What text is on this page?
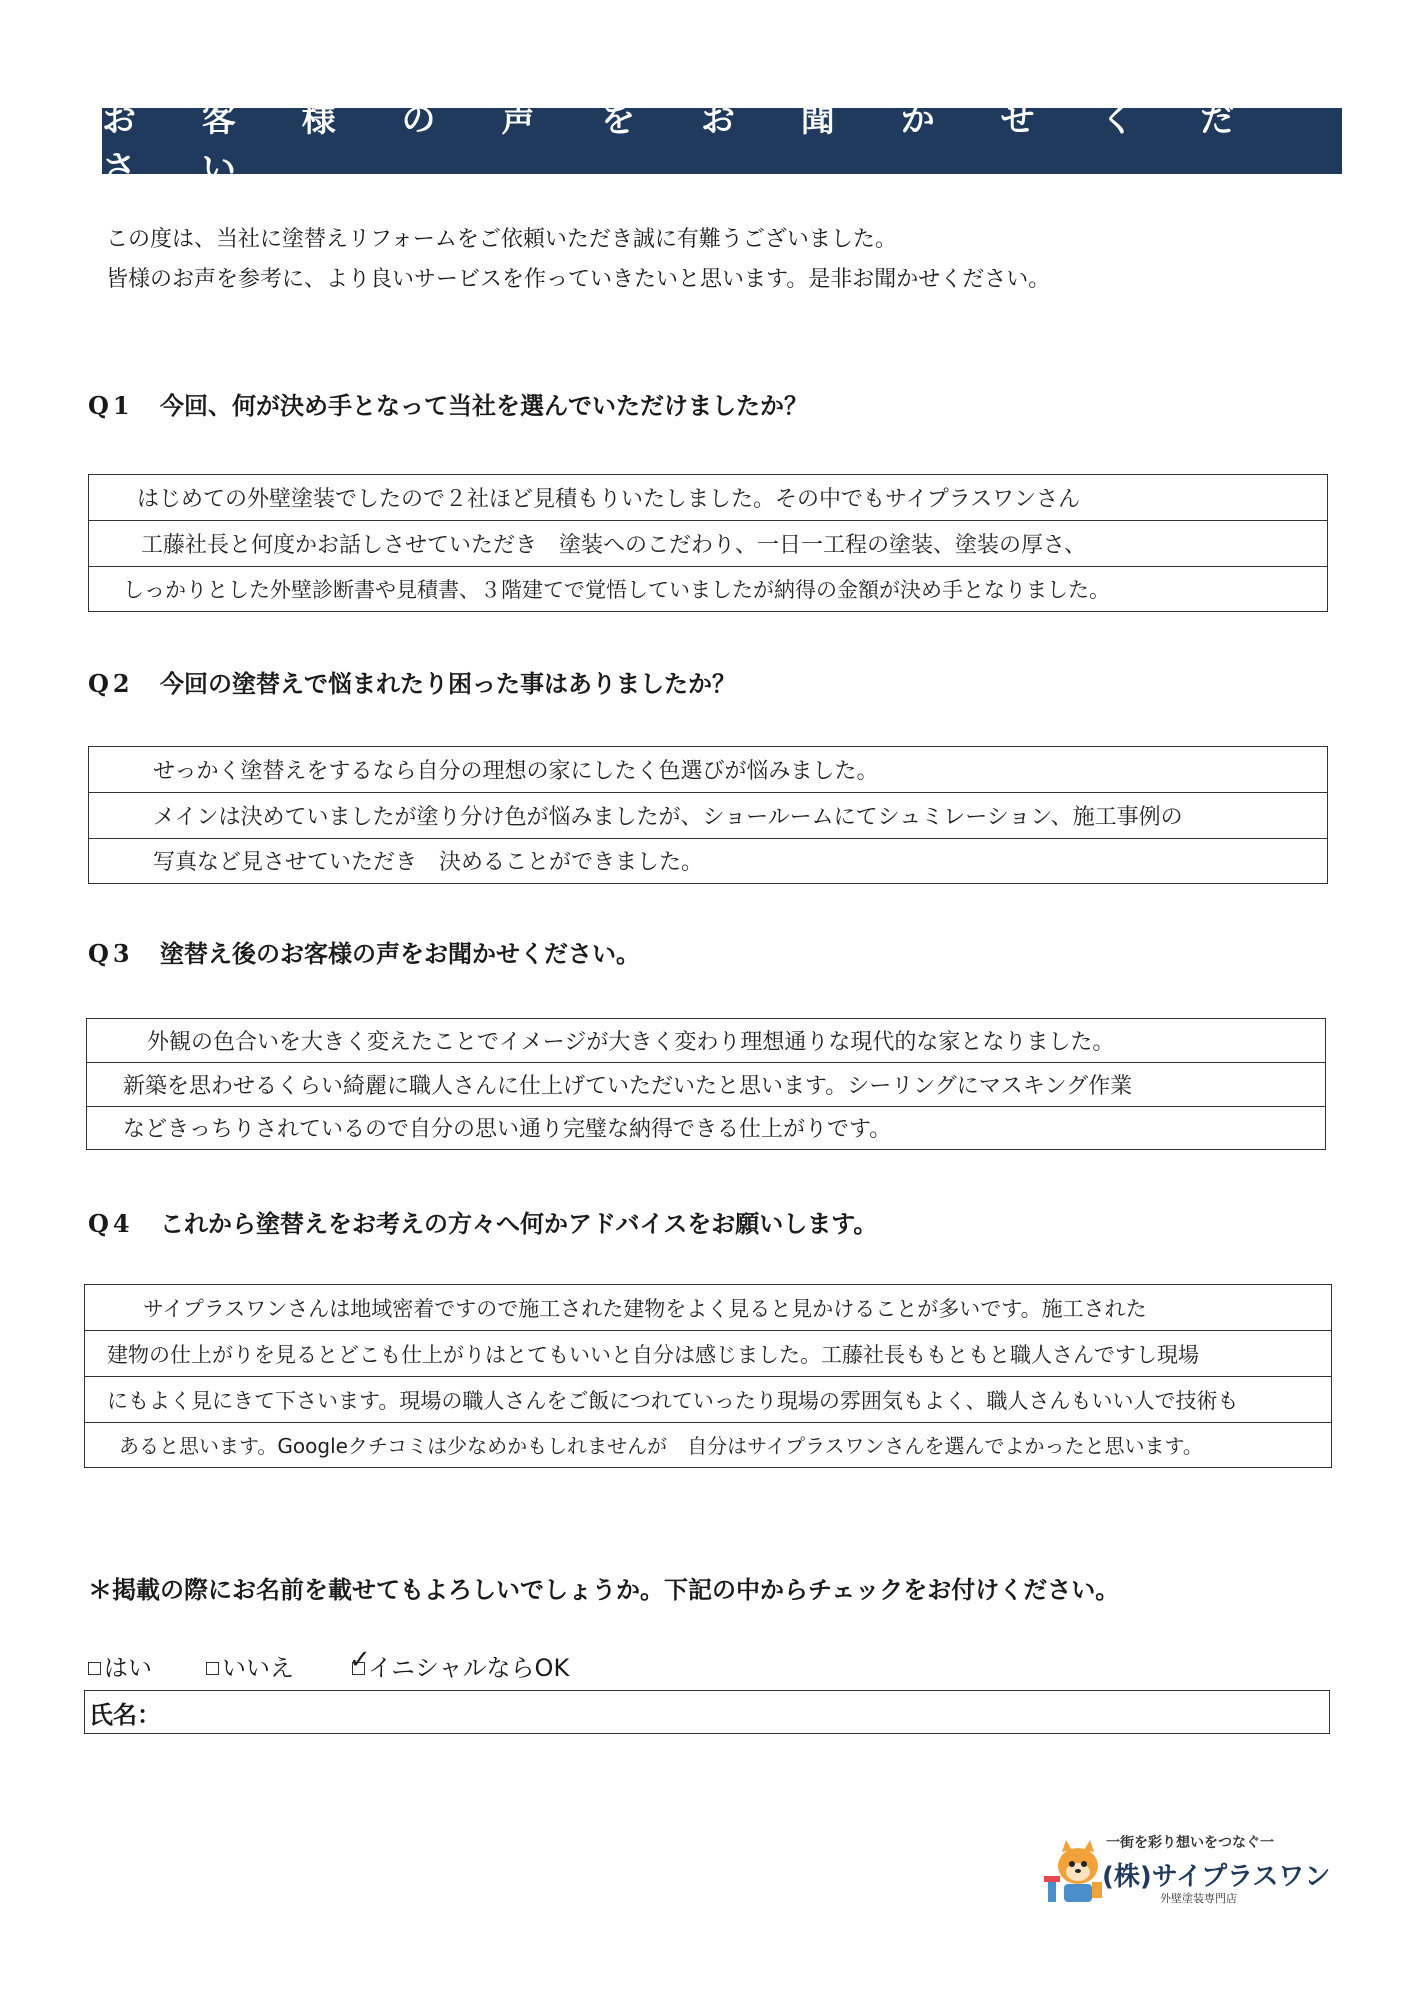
お 客 様 の 声 を お 聞 か せ く だ さ い
この度は、当社に塗替えリフォームをご依頼いただき誠に有難うございました。
皆様のお声を参考に、より良いサービスを作っていきたいと思います。是非お聞かせください。
Q1 今回、何が決め手となって当社を選んでいただけましたか？
はじめての外壁塗装でしたので２社ほど見積もりいたしました。その中でもサイプラスワンさん
工藤社長と何度かお話しさせていただき　塗装へのこだわり、一日一工程の塗装、塗装の厚さ、
しっかりとした外壁診断書や見積書、３階建てで覚悟していましたが納得の金額が決め手となりました。
Q2 今回の塗替えで悩まれたり困った事はありましたか？
せっかく塗替えをするなら自分の理想の家にしたく色選びが悩みました。
メインは決めていましたが塗り分け色が悩みましたが、ショールームにてシュミレーション、施工事例の
写真など見させていただき　決めることができました。
Q3 塗替え後のお客様の声をお聞かせください。
外観の色合いを大きく変えたことでイメージが大きく変わり理想通りな現代的な家となりました。
新築を思わせるくらい綺麗に職人さんに仕上げていただいたと思います。シーリングにマスキング作業
などきっちりされているので自分の思い通り完璧な納得できる仕上がりです。
Q4 これから塗替えをお考えの方々へ何かアドバイスをお願いします。
サイプラスワンさんは地域密着ですので施工された建物をよく見ると見かけることが多いです。施工された
建物の仕上がりを見るとどこも仕上がりはとてもいいと自分は感じました。工藤社長ももともと職人さんですし現場
にもよく見にきて下さいます。現場の職人さんをご飯につれていったり現場の雰囲気もよく、職人さんもいい人で技術も
あると思います。Googleクチコミは少なめかもしれませんが　自分はサイプラスワンさんを選んでよかったと思います。
＊掲載の際にお名前を載せてもよろしいでしょうか。下記の中からチェックをお付けください。
はい	いいえ ✓
イニシャルならOK
氏名：
一街を彩り想いをつなぐ一
(株)サイプラスワン
外壁塗装専門店
